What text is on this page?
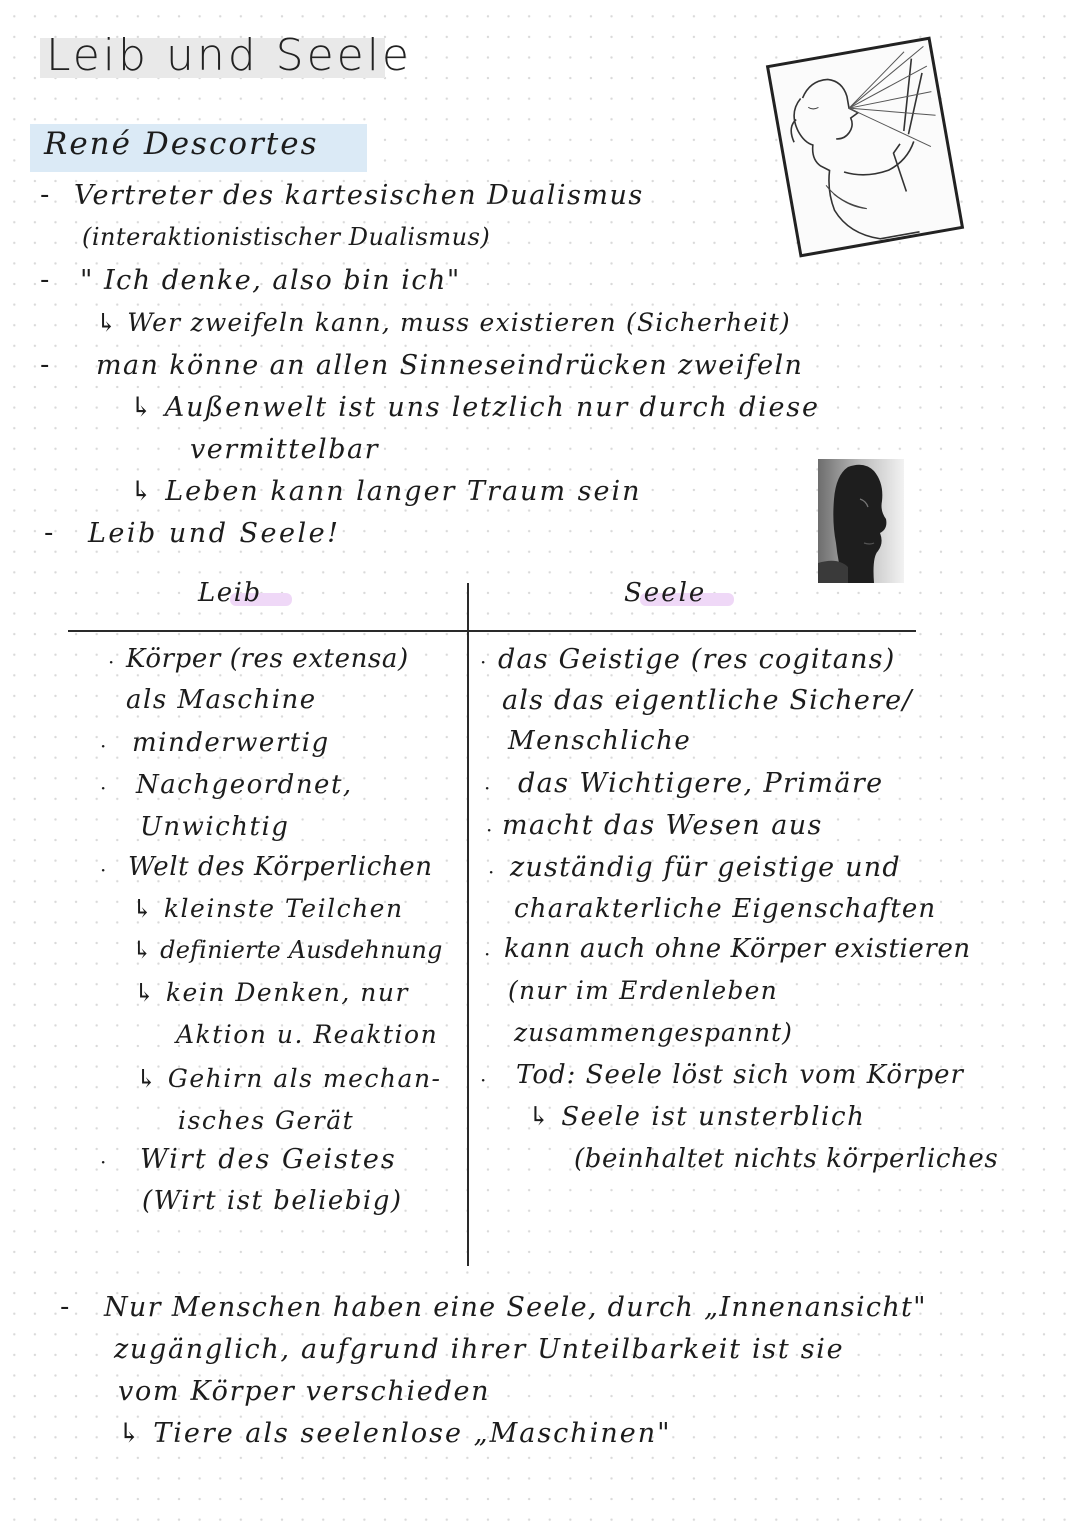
Leib und Seele
René Descortes
- Vertreter des kartesischen Dualismus
(interaktionistischer Dualismus)
- " Ich denke, also bin ich"
↳ Wer zweifeln kann, muss existieren (Sicherheit)
- man könne an allen Sinneseindrücken zweifeln
↳ Außenwelt ist uns letzlich nur durch diese
vermittelbar
↳ Leben kann langer Traum sein
- Leib und Seele!
Leib	Seele
· Körper (res extensa)
als Maschine
· minderwertig
· Nachgeordnet,
Unwichtig
· Welt des Körperlichen
↳ kleinste Teilchen
↳ definierte Ausdehnung
↳ kein Denken, nur
Aktion u. Reaktion
↳ Gehirn als mechan-
isches Gerät
· Wirt des Geistes
(Wirt ist beliebig)
· das Geistige (res cogitans)
als das eigentliche Sichere/
Menschliche
· das Wichtigere, Primäre
· macht das Wesen aus
· zuständig für geistige und
charakterliche Eigenschaften
· kann auch ohne Körper existieren
(nur im Erdenleben
zusammengespannt)
· Tod: Seele löst sich vom Körper
↳ Seele ist unsterblich
(beinhaltet nichts körperliches
- Nur Menschen haben eine Seele, durch „Innenansicht"
zugänglich, aufgrund ihrer Unteilbarkeit ist sie
vom Körper verschieden
↳ Tiere als seelenlose „Maschinen"
